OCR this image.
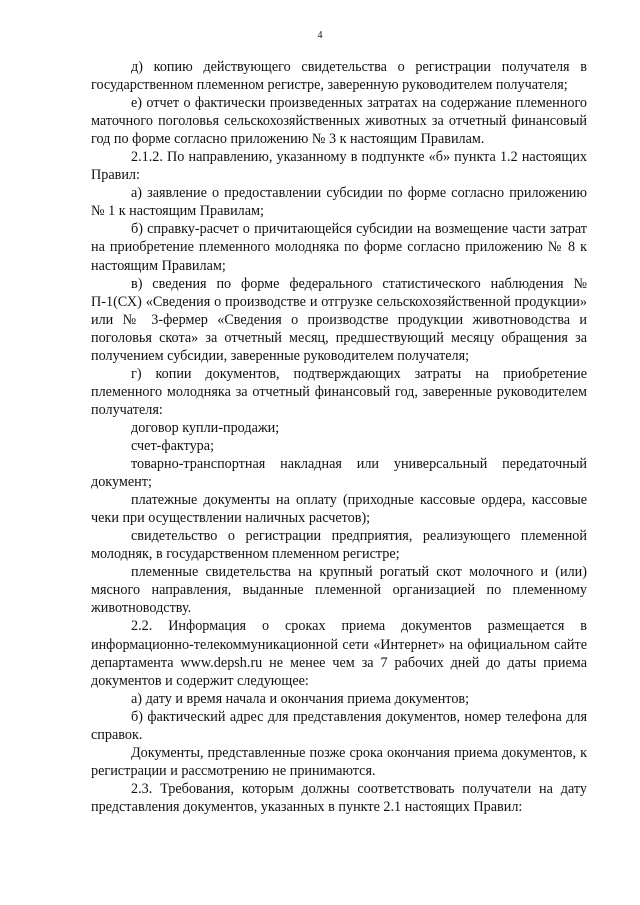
4

д) копию действующего свидетельства о регистрации получателя в государственном племенном регистре, заверенную руководителем получателя;

е) отчет о фактически произведенных затратах на содержание племенного маточного поголовья сельскохозяйственных животных за отчетный финансовый год по форме согласно приложению № 3 к настоящим Правилам.

2.1.2. По направлению, указанному в подпункте «б» пункта 1.2 настоящих Правил:

а) заявление о предоставлении субсидии по форме согласно приложению № 1 к настоящим Правилам;

б) справку-расчет о причитающейся субсидии на возмещение части затрат на приобретение племенного молодняка по форме согласно приложению № 8 к настоящим Правилам;

в) сведения по форме федерального статистического наблюдения № П-1(СХ) «Сведения о производстве и отгрузке сельскохозяйственной продукции» или № 3-фермер «Сведения о производстве продукции животноводства и поголовья скота» за отчетный месяц, предшествующий месяцу обращения за получением субсидии, заверенные руководителем получателя;

г) копии документов, подтверждающих затраты на приобретение племенного молодняка за отчетный финансовый год, заверенные руководителем получателя:

договор купли-продажи;

счет-фактура;

товарно-транспортная накладная или универсальный передаточный документ;

платежные документы на оплату (приходные кассовые ордера, кассовые чеки при осуществлении наличных расчетов);

свидетельство о регистрации предприятия, реализующего племенной молодняк, в государственном племенном регистре;

племенные свидетельства на крупный рогатый скот молочного и (или) мясного направления, выданные племенной организацией по племенному животноводству.

2.2. Информация о сроках приема документов размещается в информационно-телекоммуникационной сети «Интернет» на официальном сайте департамента www.depsh.ru не менее чем за 7 рабочих дней до даты приема документов и содержит следующее:

а) дату и время начала и окончания приема документов;

б) фактический адрес для представления документов, номер телефона для справок.

Документы, представленные позже срока окончания приема документов, к регистрации и рассмотрению не принимаются.

2.3. Требования, которым должны соответствовать получатели на дату представления документов, указанных в пункте 2.1 настоящих Правил:
